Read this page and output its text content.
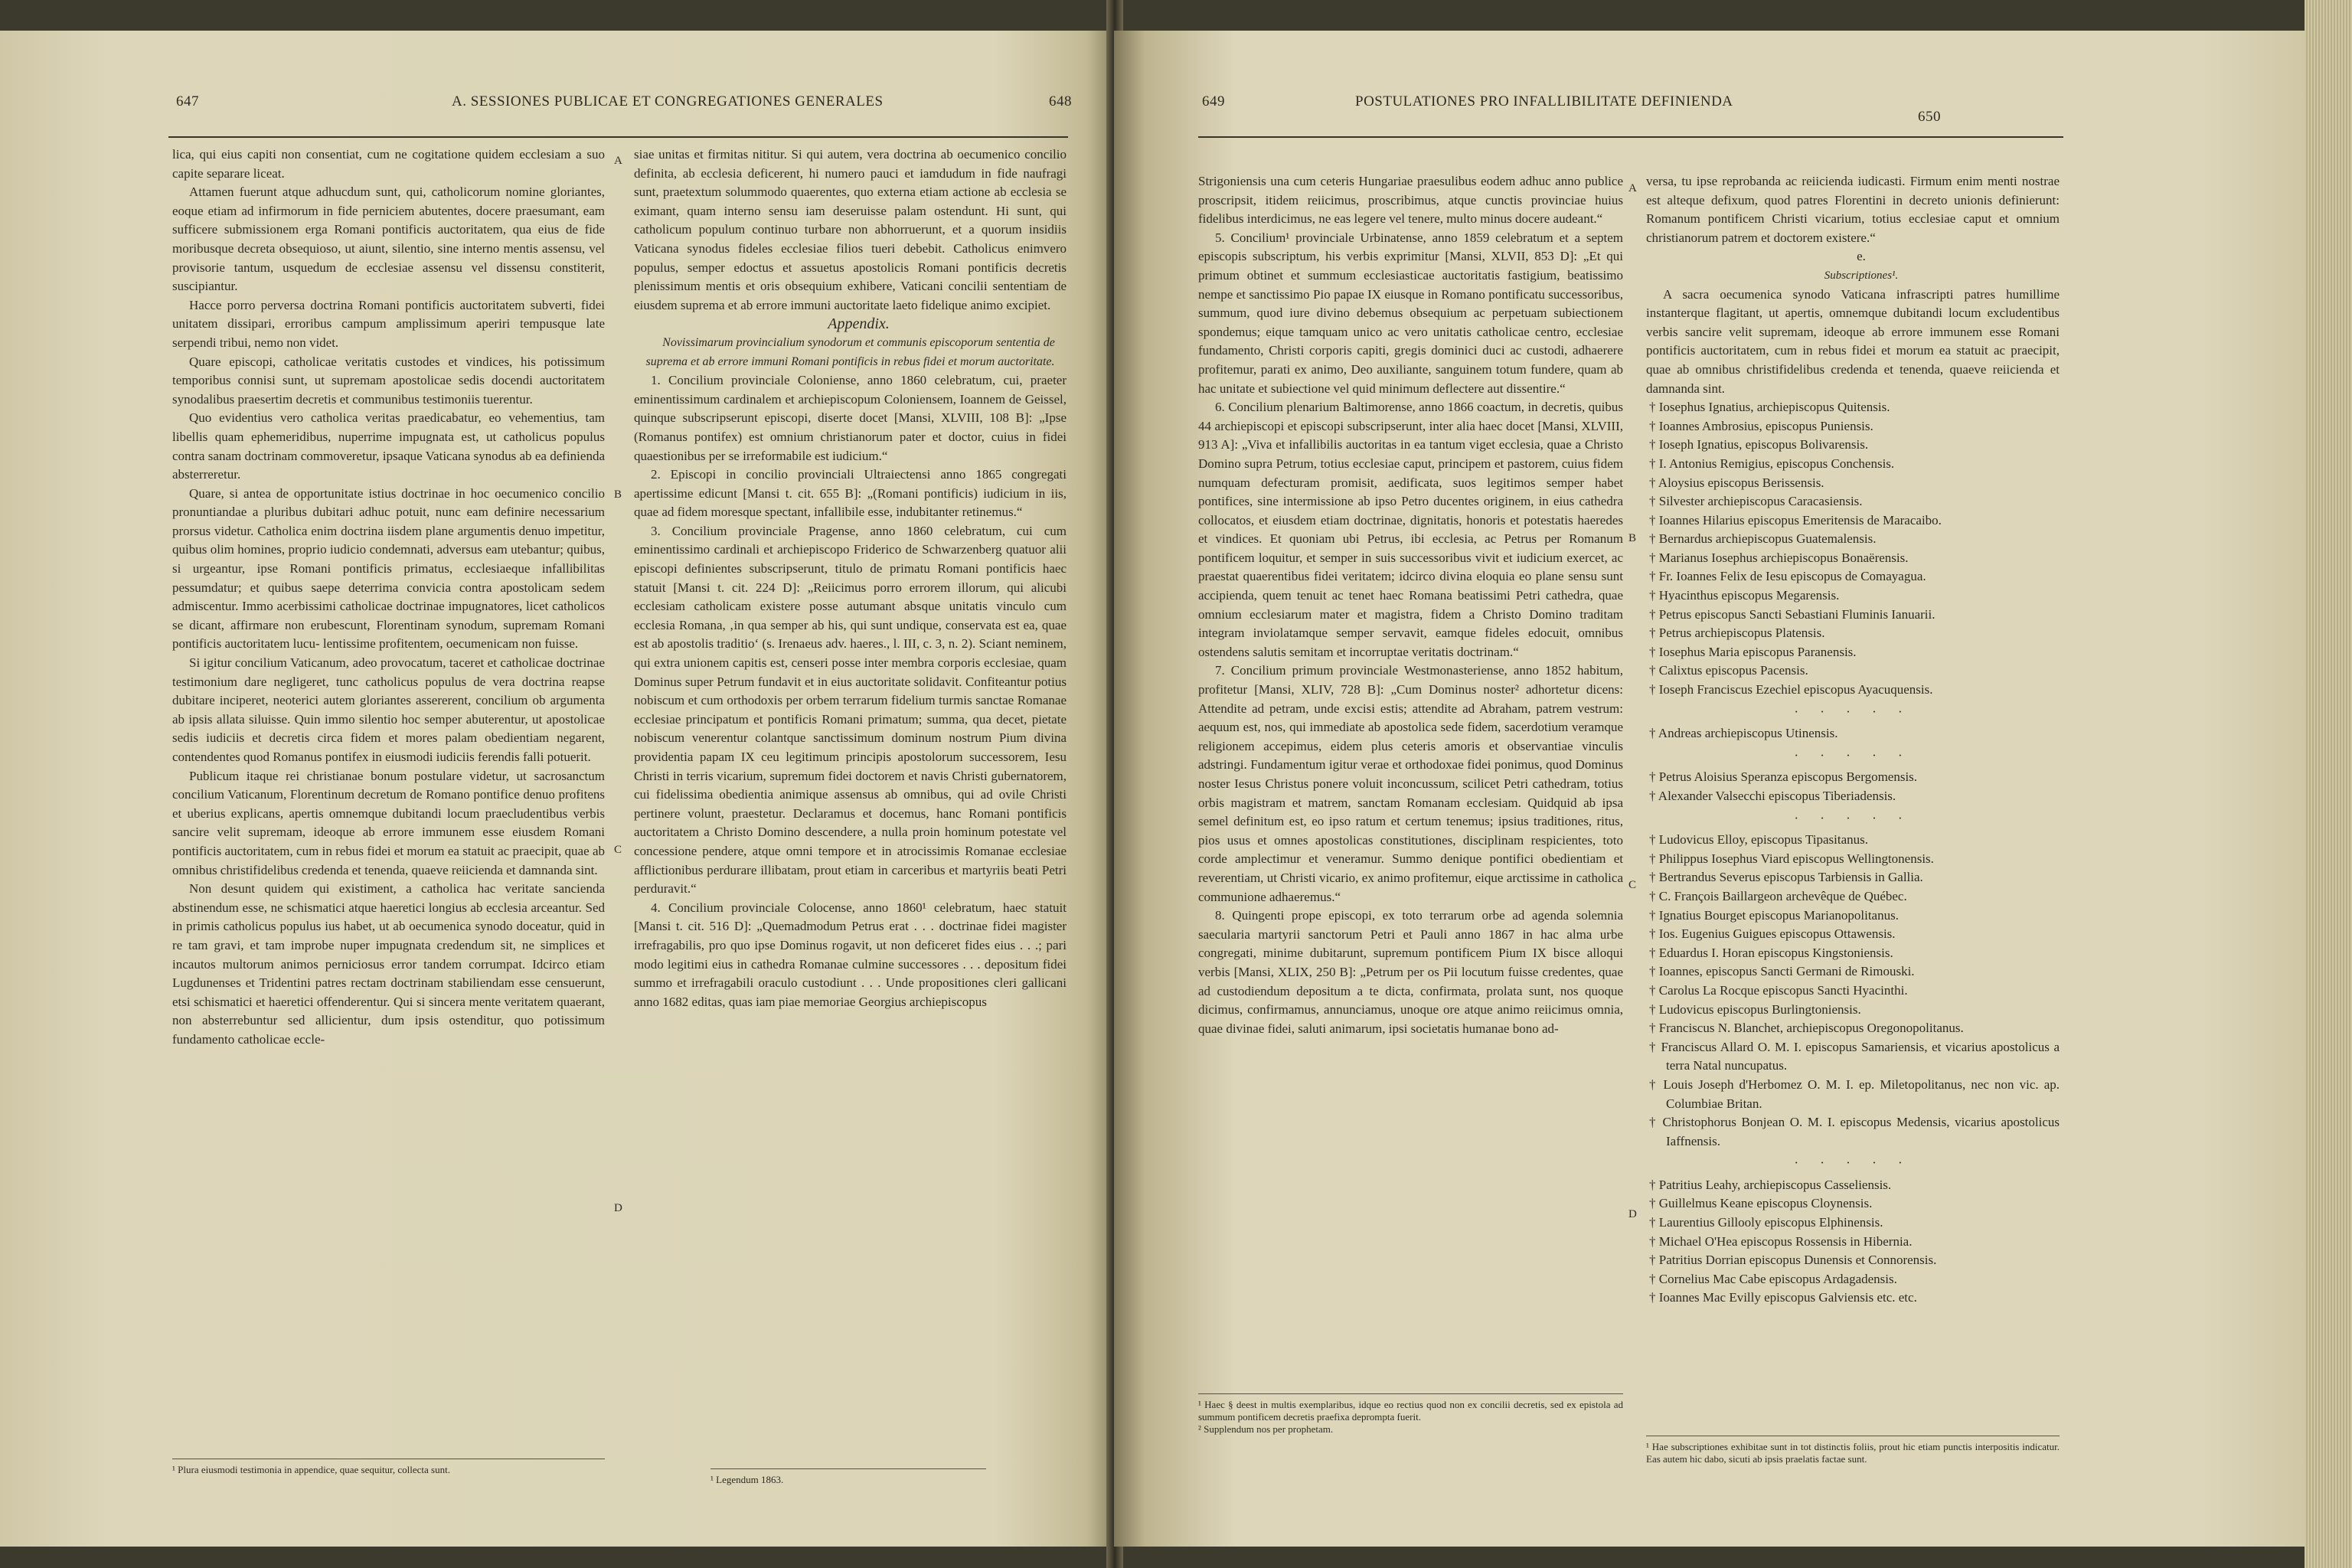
647	A. SESSIONES PUBLICAE ET CONGREGATIONES GENERALES	648

lica, qui eius capiti non consentiat, cum ne cogitatione quidem ecclesiam a suo capite separare liceat.

Attamen fuerunt atque adhucdum sunt, qui, catholicorum nomine gloriantes, eoque etiam ad infirmorum in fide perniciem abutentes, docere praesumant, eam sufficere submissionem erga Romani pontificis auctoritatem, qua eius de fide moribusque decreta obsequioso, ut aiunt, silentio, sine interno mentis assensu, vel provisorie tantum, usquedum de ecclesiae assensu vel dissensu constiterit, suscipiantur.

Hacce porro perversa doctrina Romani pontificis auctoritatem subverti, fidei unitatem dissipari, erroribus campum amplissimum aperiri tempusque late serpendi tribui, nemo non videt.

Quare episcopi, catholicae veritatis custodes et vindices, his potissimum temporibus connisi sunt, ut supremam apostolicae sedis docendi auctoritatem synodalibus praesertim decretis et communibus testimoniis tuerentur.

Quo evidentius vero catholica veritas praedicabatur, eo vehementius, tam libellis quam ephemeridibus, nuperrime impugnata est, ut catholicus populus contra sanam doctrinam commoveretur, ipsaque Vaticana synodus ab ea definienda absterreretur.

Quare, si antea de opportunitate istius doctrinae in hoc oecumenico concilio pronuntiandae a pluribus dubitari adhuc potuit, nunc eam definire necessarium prorsus videtur. Catholica enim doctrina iisdem plane argumentis denuo impetitur, quibus olim homines, proprio iudicio condemnati, adversus eam utebantur; quibus, si urgeantur, ipse Romani pontificis primatus, ecclesiaeque infallibilitas pessumdatur; et quibus saepe deterrima convicia contra apostolicam sedem admiscentur. Immo acerbissimi catholicae doctrinae impugnatores, licet catholicos se dicant, affirmare non erubescunt, Florentinam synodum, supremam Romani pontificis auctoritatem lucu- lentissime profitentem, oecumenicam non fuisse.

Si igitur concilium Vaticanum, adeo provocatum, taceret et catholicae doctrinae testimonium dare negligeret, tunc catholicus populus de vera doctrina reapse dubitare inciperet, neoterici autem gloriantes assererent, concilium ob argumenta ab ipsis allata siluisse. Quin immo silentio hoc semper abuterentur, ut apostolicae sedis iudiciis et decretis circa fidem et mores palam obedientiam negarent, contendentes quod Romanus pontifex in eiusmodi iudiciis ferendis falli potuerit.

Publicum itaque rei christianae bonum postulare videtur, ut sacrosanctum concilium Vaticanum, Florentinum decretum de Romano pontifice denuo profitens et uberius explicans, apertis omnemque dubitandi locum praecludentibus verbis sancire velit supremam, ideoque ab errore immunem esse eiusdem Romani pontificis auctoritatem, cum in rebus fidei et morum ea statuit ac praecipit, quae ab omnibus christifidelibus credenda et tenenda, quaeve reiicienda et damnanda sint.

Non desunt quidem qui existiment, a catholica hac veritate sancienda abstinendum esse, ne schismatici atque haeretici longius ab ecclesia arceantur. Sed in primis catholicus populus ius habet, ut ab oecumenica synodo doceatur, quid in re tam gravi, et tam improbe nuper impugnata credendum sit, ne simplices et incautos multorum animos perniciosus error tandem corrumpat. Idcirco etiam Lugdunenses et Tridentini patres rectam doctrinam stabiliendam esse censuerunt, etsi schismatici et haeretici offenderentur. Qui si sincera mente veritatem quaerant, non absterrebuntur sed allicientur, dum ipsis ostenditur, quo potissimum fundamento catholicae eccle-

¹ Plura eiusmodi testimonia in appendice, quae sequitur, collecta sunt.

siae unitas et firmitas nititur. Si qui autem, vera doctrina ab oecumenico concilio definita, ab ecclesia deficerent, hi numero pauci et iamdudum in fide naufragi sunt, praetextum solummodo quaerentes, quo externa etiam actione ab ecclesia se eximant, quam interno sensu iam deseruisse palam ostendunt. Hi sunt, qui catholicum populum continuo turbare non abhorruerunt, et a quorum insidiis Vaticana synodus fideles ecclesiae filios tueri debebit. Catholicus enimvero populus, semper edoctus et assuetus apostolicis Romani pontificis decretis plenissimum mentis et oris obsequium exhibere, Vaticani concilii sententiam de eiusdem suprema et ab errore immuni auctoritate laeto fidelique animo excipiet.

Appendix.

Novissimarum provincialium synodorum et communis episcoporum sententia de suprema et ab errore immuni Romani pontificis in rebus fidei et morum auctoritate.

1. Concilium provinciale Coloniense, anno 1860 celebratum, cui, praeter eminentissimum cardinalem et archiepiscopum Coloniensem, Ioannem de Geissel, quinque subscripserunt episcopi, diserte docet [Mansi, XLVIII, 108 B]: „Ipse (Romanus pontifex) est omnium christianorum pater et doctor, cuius in fidei quaestionibus per se irreformabile est iudicium.“

2. Episcopi in concilio provinciali Ultraiectensi anno 1865 congregati apertissime edicunt [Mansi t. cit. 655 B]: „(Romani pontificis) iudicium in iis, quae ad fidem moresque spectant, infallibile esse, indubitanter retinemus.“

3. Concilium provinciale Pragense, anno 1860 celebratum, cui cum eminentissimo cardinali et archiepiscopo Friderico de Schwarzenberg quatuor alii episcopi definientes subscripserunt, titulo de primatu Romani pontificis haec statuit [Mansi t. cit. 224 D]: „Reiicimus porro errorem illorum, qui alicubi ecclesiam catholicam existere posse autumant absque unitatis vinculo cum ecclesia Romana, ‚in qua semper ab his, qui sunt undique, conservata est ea, quae est ab apostolis traditio‘ (s. Irenaeus adv. haeres., l. III, c. 3, n. 2). Sciant neminem, qui extra unionem capitis est, censeri posse inter membra corporis ecclesiae, quam Dominus super Petrum fundavit et in eius auctoritate solidavit. Confiteantur potius nobiscum et cum orthodoxis per orbem terrarum fidelium turmis sanctae Romanae ecclesiae principatum et pontificis Romani primatum; summa, qua decet, pietate nobiscum venerentur colantque sanctissimum dominum nostrum Pium divina providentia papam IX ceu legitimum principis apostolorum successorem, Iesu Christi in terris vicarium, supremum fidei doctorem et navis Christi gubernatorem, cui fidelissima obedientia animique assensus ab omnibus, qui ad ovile Christi pertinere volunt, praestetur. Declaramus et docemus, hanc Romani pontificis auctoritatem a Christo Domino descendere, a nulla proin hominum potestate vel concessione pendere, atque omni tempore et in atrocissimis Romanae ecclesiae afflictionibus perdurare illibatam, prout etiam in carceribus et martyriis beati Petri perduravit.“

4. Concilium provinciale Colocense, anno 1860¹ celebratum, haec statuit [Mansi t. cit. 516 D]: „Quemadmodum Petrus erat . . . doctrinae fidei magister irrefragabilis, pro quo ipse Dominus rogavit, ut non deficeret fides eius . . .; pari modo legitimi eius in cathedra Romanae culmine successores . . . depositum fidei summo et irrefragabili oraculo custodiunt . . . Unde propositiones cleri gallicani anno 1682 editas, quas iam piae memoriae Georgius archiepiscopus

¹ Legendum 1863.
A
B
C
D
649	POSTULATIONES PRO INFALLIBILITATE DEFINIENDA
650

Strigoniensis una cum ceteris Hungariae praesulibus eodem adhuc anno publice proscripsit, itidem reiicimus, proscribimus, atque cunctis provinciae huius fidelibus interdicimus, ne eas legere vel tenere, multo minus docere audeant.“

5. Concilium¹ provinciale Urbinatense, anno 1859 celebratum et a septem episcopis subscriptum, his verbis exprimitur [Mansi, XLVII, 853 D]: „Et qui primum obtinet et summum ecclesiasticae auctoritatis fastigium, beatissimo nempe et sanctissimo Pio papae IX eiusque in Romano pontificatu successoribus, summum, quod iure divino debemus obsequium ac perpetuam subiectionem spondemus; eique tamquam unico ac vero unitatis catholicae centro, ecclesiae fundamento, Christi corporis capiti, gregis dominici duci ac custodi, adhaerere profitemur, parati ex animo, Deo auxiliante, sanguinem totum fundere, quam ab hac unitate et subiectione vel quid minimum deflectere aut dissentire.“

6. Concilium plenarium Baltimorense, anno 1866 coactum, in decretis, quibus 44 archiepiscopi et episcopi subscripserunt, inter alia haec docet [Mansi, XLVIII, 913 A]: „Viva et infallibilis auctoritas in ea tantum viget ecclesia, quae a Christo Domino supra Petrum, totius ecclesiae caput, principem et pastorem, cuius fidem numquam defecturam promisit, aedificata, suos legitimos semper habet pontifices, sine intermissione ab ipso Petro ducentes originem, in eius cathedra collocatos, et eiusdem etiam doctrinae, dignitatis, honoris et potestatis haeredes et vindices. Et quoniam ubi Petrus, ibi ecclesia, ac Petrus per Romanum pontificem loquitur, et semper in suis successoribus vivit et iudicium exercet, ac praestat quaerentibus fidei veritatem; idcirco divina eloquia eo plane sensu sunt accipienda, quem tenuit ac tenet haec Romana beatissimi Petri cathedra, quae omnium ecclesiarum mater et magistra, fidem a Christo Domino traditam integram inviolatamque semper servavit, eamque fideles edocuit, omnibus ostendens salutis semitam et incorruptae veritatis doctrinam.“

7. Concilium primum provinciale Westmonasteriense, anno 1852 habitum, profitetur [Mansi, XLIV, 728 B]: „Cum Dominus noster² adhortetur dicens: Attendite ad petram, unde excisi estis; attendite ad Abraham, patrem vestrum: aequum est, nos, qui immediate ab apostolica sede fidem, sacerdotium veramque religionem accepimus, eidem plus ceteris amoris et observantiae vinculis adstringi. Fundamentum igitur verae et orthodoxae fidei ponimus, quod Dominus noster Iesus Christus ponere voluit inconcussum, scilicet Petri cathedram, totius orbis magistram et matrem, sanctam Romanam ecclesiam. Quidquid ab ipsa semel definitum est, eo ipso ratum et certum tenemus; ipsius traditiones, ritus, pios usus et omnes apostolicas constitutiones, disciplinam respicientes, toto corde amplectimur et veneramur. Summo denique pontifici obedientiam et reverentiam, ut Christi vicario, ex animo profitemur, eique arctissime in catholica communione adhaeremus.“

8. Quingenti prope episcopi, ex toto terrarum orbe ad agenda solemnia saecularia martyrii sanctorum Petri et Pauli anno 1867 in hac alma urbe congregati, minime dubitarunt, supremum pontificem Pium IX bisce alloqui verbis [Mansi, XLIX, 250 B]: „Petrum per os Pii locutum fuisse credentes, quae ad custodiendum depositum a te dicta, confirmata, prolata sunt, nos quoque dicimus, confirmamus, annunciamus, unoque ore atque animo reiicimus omnia, quae divinae fidei, saluti animarum, ipsi societatis humanae bono ad-

¹ Haec § deest in multis exemplaribus, idque eo rectius quod non ex concilii decretis, sed ex epistola ad summum pontificem decretis praefixa deprompta fuerit.
² Supplendum nos per prophetam.

versa, tu ipse reprobanda ac reiicienda iudicasti. Firmum enim menti nostrae est alteque defixum, quod patres Florentini in decreto unionis definierunt: Romanum pontificem Christi vicarium, totius ecclesiae caput et omnium christianorum patrem et doctorem existere.“

e.

Subscriptiones¹.

A sacra oecumenica synodo Vaticana infrascripti patres humillime instanterque flagitant, ut apertis, omnemque dubitandi locum excludentibus verbis sancire velit supremam, ideoque ab errore immunem esse Romani pontificis auctoritatem, cum in rebus fidei et morum ea statuit ac praecipit, quae ab omnibus christifidelibus credenda et tenenda, quaeve reiicienda et damnanda sint.

† Iosephus Ignatius, archiepiscopus Quitensis.
† Ioannes Ambrosius, episcopus Puniensis.
† Ioseph Ignatius, episcopus Bolivarensis.
† I. Antonius Remigius, episcopus Conchensis.
† Aloysius episcopus Berissensis.
† Silvester archiepiscopus Caracasiensis.
† Ioannes Hilarius episcopus Emeritensis de Maracaibo.
† Bernardus archiepiscopus Guatemalensis.
† Marianus Iosephus archiepiscopus Bonaërensis.
† Fr. Ioannes Felix de Iesu episcopus de Comayagua.
† Hyacinthus episcopus Megarensis.
† Petrus episcopus Sancti Sebastiani Fluminis Ianuarii.
† Petrus archiepiscopus Platensis.
† Iosephus Maria episcopus Paranensis.
† Calixtus episcopus Pacensis.
† Ioseph Franciscus Ezechiel episcopus Ayacuquensis.
· · · · ·
† Andreas archiepiscopus Utinensis.
· · · · ·
† Petrus Aloisius Speranza episcopus Bergomensis.
† Alexander Valsecchi episcopus Tiberiadensis.
· · · · ·
† Ludovicus Elloy, episcopus Tipasitanus.
† Philippus Iosephus Viard episcopus Wellingtonensis.
† Bertrandus Severus episcopus Tarbiensis in Gallia.
† C. François Baillargeon archevêque de Québec.
† Ignatius Bourget episcopus Marianopolitanus.
† Ios. Eugenius Guigues episcopus Ottawensis.
† Eduardus I. Horan episcopus Kingstoniensis.
† Ioannes, episcopus Sancti Germani de Rimouski.
† Carolus La Rocque episcopus Sancti Hyacinthi.
† Ludovicus episcopus Burlingtoniensis.
† Franciscus N. Blanchet, archiepiscopus Oregonopolitanus.
† Franciscus Allard O. M. I. episcopus Samariensis, et vicarius apostolicus a terra Natal nuncupatus.
† Louis Joseph d'Herbomez O. M. I. ep. Miletopolitanus, nec non vic. ap. Columbiae Britan.
† Christophorus Bonjean O. M. I. episcopus Medensis, vicarius apostolicus Iaffnensis.
· · · · ·
† Patritius Leahy, archiepiscopus Casseliensis.
† Guillelmus Keane episcopus Cloynensis.
† Laurentius Gillooly episcopus Elphinensis.
† Michael O'Hea episcopus Rossensis in Hibernia.
† Patritius Dorrian episcopus Dunensis et Connorensis.
† Cornelius Mac Cabe episcopus Ardagadensis.
† Ioannes Mac Evilly episcopus Galviensis etc. etc.
¹ Hae subscriptiones exhibitae sunt in tot distinctis foliis, prout hic etiam punctis interpositis indicatur. Eas autem hic dabo, sicuti ab ipsis praelatis factae sunt.
A
B
C
D
